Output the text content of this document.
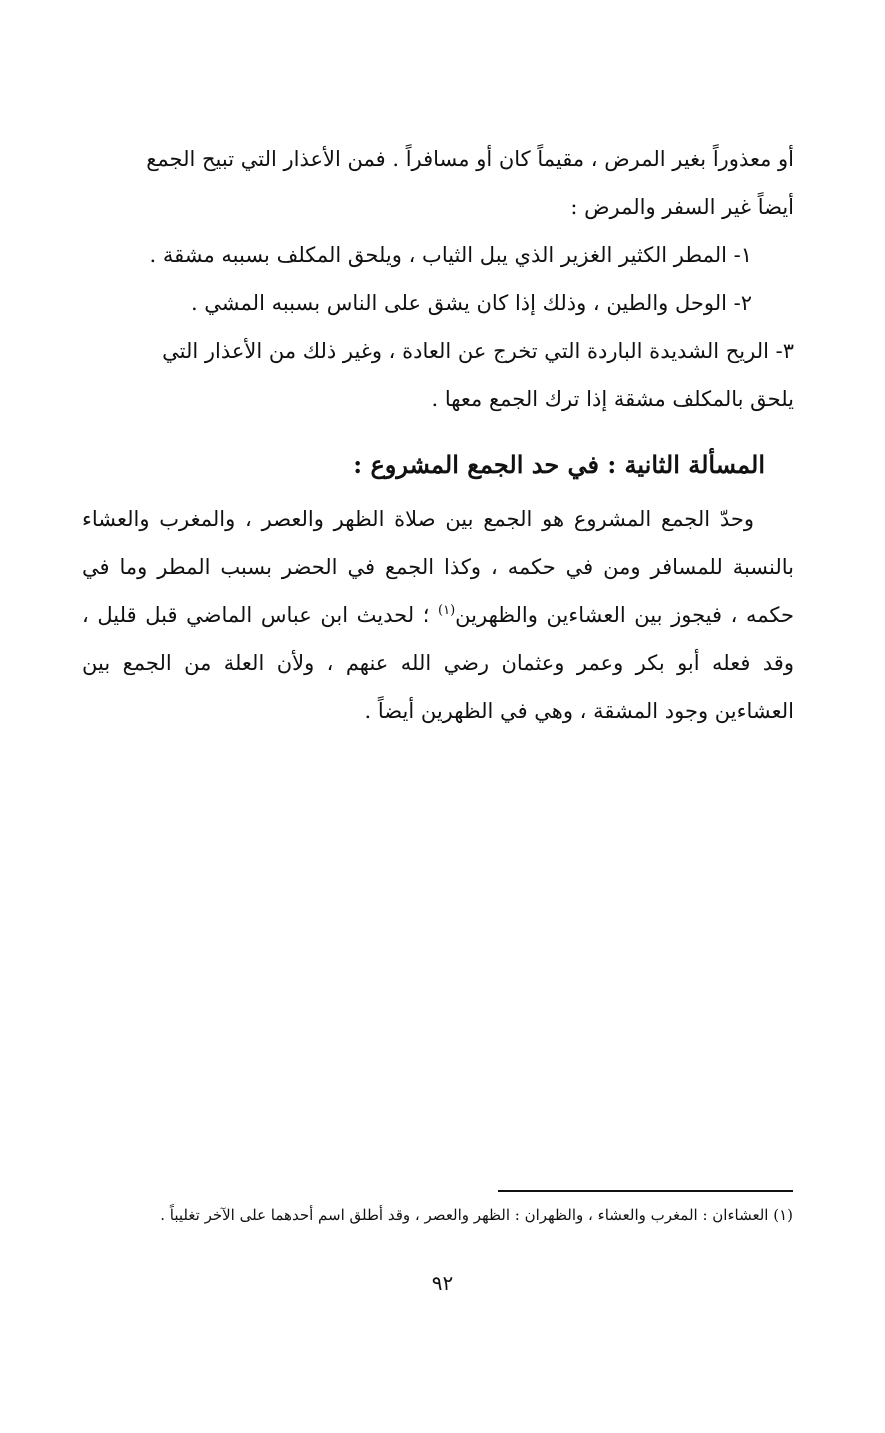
أو معذوراً بغير المرض ، مقيماً كان أو مسافراً . فمن الأعذار التي تبيح الجمع

أيضاً غير السفر والمرض :

١- المطر الكثير الغزير الذي يبل الثياب ، ويلحق المكلف بسببه مشقة .

٢- الوحل والطين ، وذلك إذا كان يشق على الناس بسببه المشي .

٣- الريح الشديدة الباردة التي تخرج عن العادة ، وغير ذلك من الأعذار التي

يلحق بالمكلف مشقة إذا ترك الجمع معها .

المسألة الثانية : في حد الجمع المشروع :

وحدّ الجمع المشروع هو الجمع بين صلاة الظهر والعصر ، والمغرب والعشاء بالنسبة للمسافر ومن في حكمه ، وكذا الجمع في الحضر بسبب المطر وما في حكمه ، فيجوز بين العشاءين والظهرين$^{(١)}$ ؛ لحديث ابن عباس الماضي قبل قليل ، وقد فعله أبو بكر وعمر وعثمان رضي الله عنهم ، ولأن العلة من الجمع بين العشاءين وجود المشقة ، وهي في الظهرين أيضاً .

(١) العشاءان : المغرب والعشاء ، والظهران : الظهر والعصر ، وقد أطلق اسم أحدهما على الآخر تغليباً .

٩٢
